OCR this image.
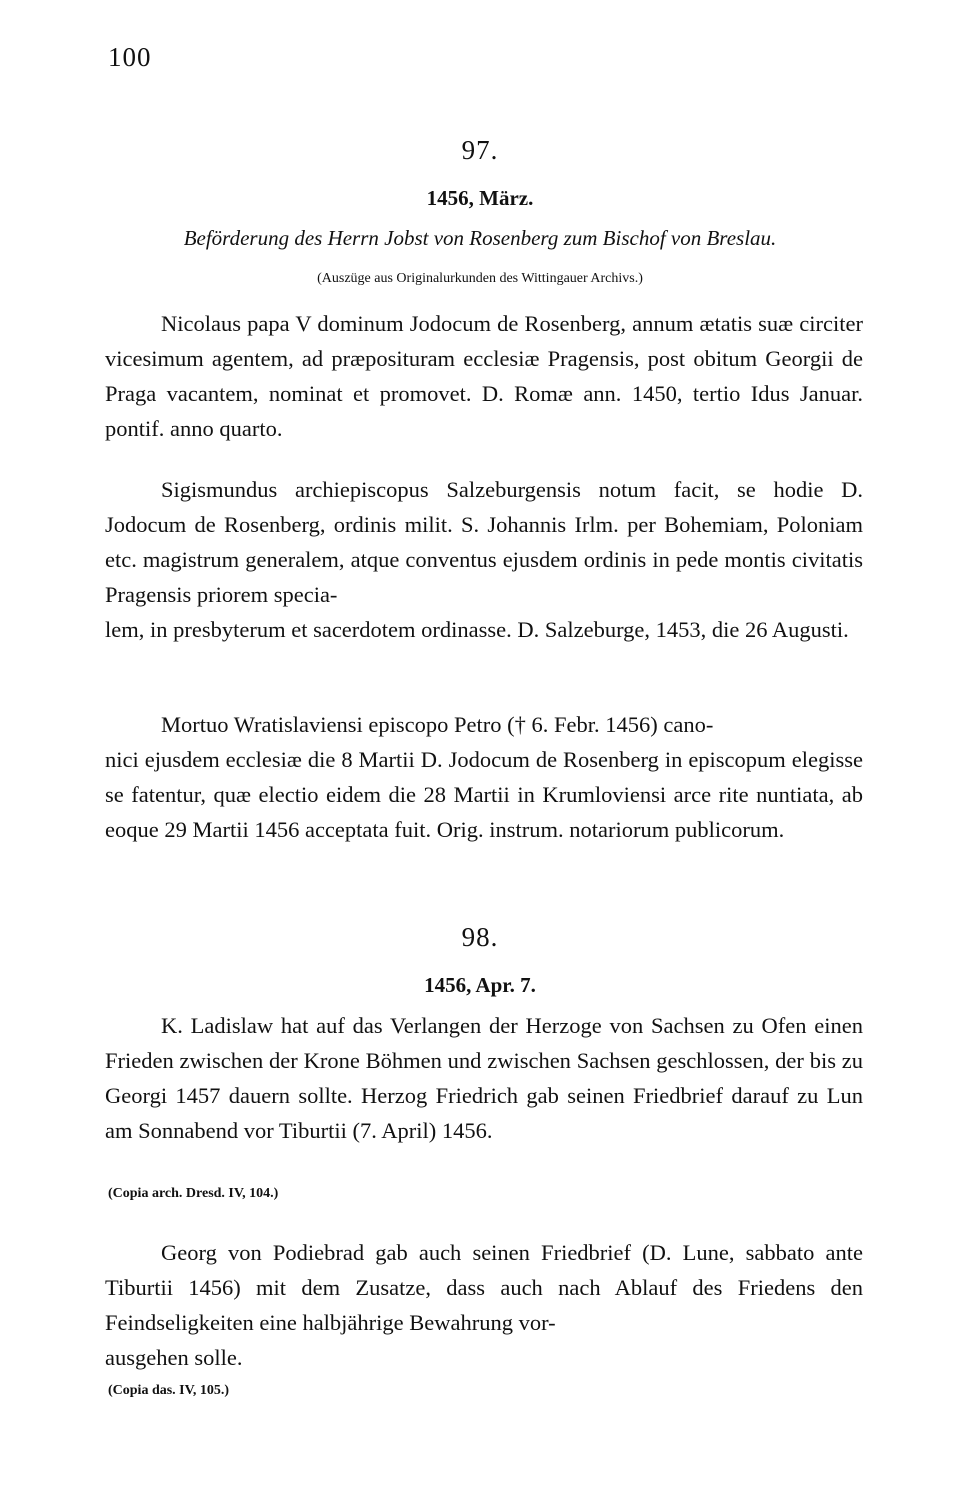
100
97.
1456, März.
Beförderung des Herrn Jobst von Rosenberg zum Bischof von Breslau.
(Auszüge aus Originalurkunden des Wittingauer Archivs.)
Nicolaus papa V dominum Jodocum de Rosenberg, annum ætatis suæ circiter vicesimum agentem, ad præposituram ecclesiæ Pragensis, post obitum Georgii de Praga vacantem, nominat et promovet. D. Romæ ann. 1450, tertio Idus Januar. pontif. anno quarto.
Sigismundus archiepiscopus Salzeburgensis notum facit, se hodie D. Jodocum de Rosenberg, ordinis milit. S. Johannis Irlm. per Bohemiam, Poloniam etc. magistrum generalem, atque conventus ejusdem ordinis in pede montis civitatis Pragensis priorem specia-
lem, in presbyterum et sacerdotem ordinasse. D. Salzeburge, 1453, die 26 Augusti.
Mortuo Wratislaviensi episcopo Petro († 6. Febr. 1456) cano-
nici ejusdem ecclesiæ die 8 Martii D. Jodocum de Rosenberg in episcopum elegisse se fatentur, quæ electio eidem die 28 Martii in Krumloviensi arce rite nuntiata, ab eoque 29 Martii 1456 acceptata fuit. Orig. instrum. notariorum publicorum.
98.
1456, Apr. 7.
K. Ladislaw hat auf das Verlangen der Herzoge von Sachsen zu Ofen einen Frieden zwischen der Krone Böhmen und zwischen Sachsen geschlossen, der bis zu Georgi 1457 dauern sollte. Herzog Friedrich gab seinen Friedbrief darauf zu Lun am Sonnabend vor Tiburtii (7. April) 1456.
(Copia arch. Dresd. IV, 104.)
Georg von Podiebrad gab auch seinen Friedbrief (D. Lune, sabbato ante Tiburtii 1456) mit dem Zusatze, dass auch nach Ablauf des Friedens den Feindseligkeiten eine halbjährige Bewahrung vor-
ausgehen solle.
(Copia das. IV, 105.)
